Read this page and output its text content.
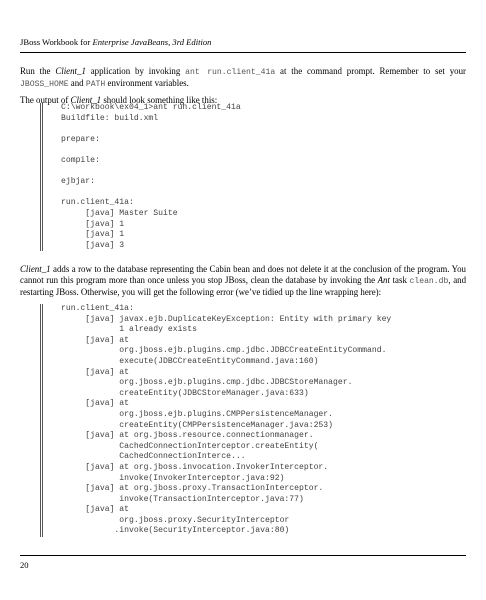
JBoss Workbook for Enterprise JavaBeans, 3rd Edition

Run the Client_1 application by invoking ant run.client_41a at the command prompt. Remember to set your JBOSS_HOME and PATH environment variables.

The output of Client_1 should look something like this:

C:\workbook\ex04_1>ant run.client_41a
Buildfile: build.xml
prepare:
compile:
ejbjar:
run.client_41a:
[java] Master Suite
[java] 1
[java] 1
[java] 3

Client_1 adds a row to the database representing the Cabin bean and does not delete it at the conclusion of the program. You cannot run this program more than once unless you stop JBoss, clean the database by invoking the Ant task clean.db, and restarting JBoss. Otherwise, you will get the following error (we’ve tidied up the line wrapping here):

run.client_41a:
[java] javax.ejb.DuplicateKeyException: Entity with primary key
1 already exists
[java] at
org.jboss.ejb.plugins.cmp.jdbc.JDBCCreateEntityCommand.
execute(JDBCCreateEntityCommand.java:160)
[java] at
org.jboss.ejb.plugins.cmp.jdbc.JDBCStoreManager.
createEntity(JDBCStoreManager.java:633)
[java] at
org.jboss.ejb.plugins.CMPPersistenceManager.
createEntity(CMPPersistenceManager.java:253)
[java] at org.jboss.resource.connectionmanager.
CachedConnectionInterceptor.createEntity(
CachedConnectionInterce...
[java] at org.jboss.invocation.InvokerInterceptor.
invoke(InvokerInterceptor.java:92)
[java] at org.jboss.proxy.TransactionInterceptor.
invoke(TransactionInterceptor.java:77)
[java] at
org.jboss.proxy.SecurityInterceptor
.invoke(SecurityInterceptor.java:80)
20
